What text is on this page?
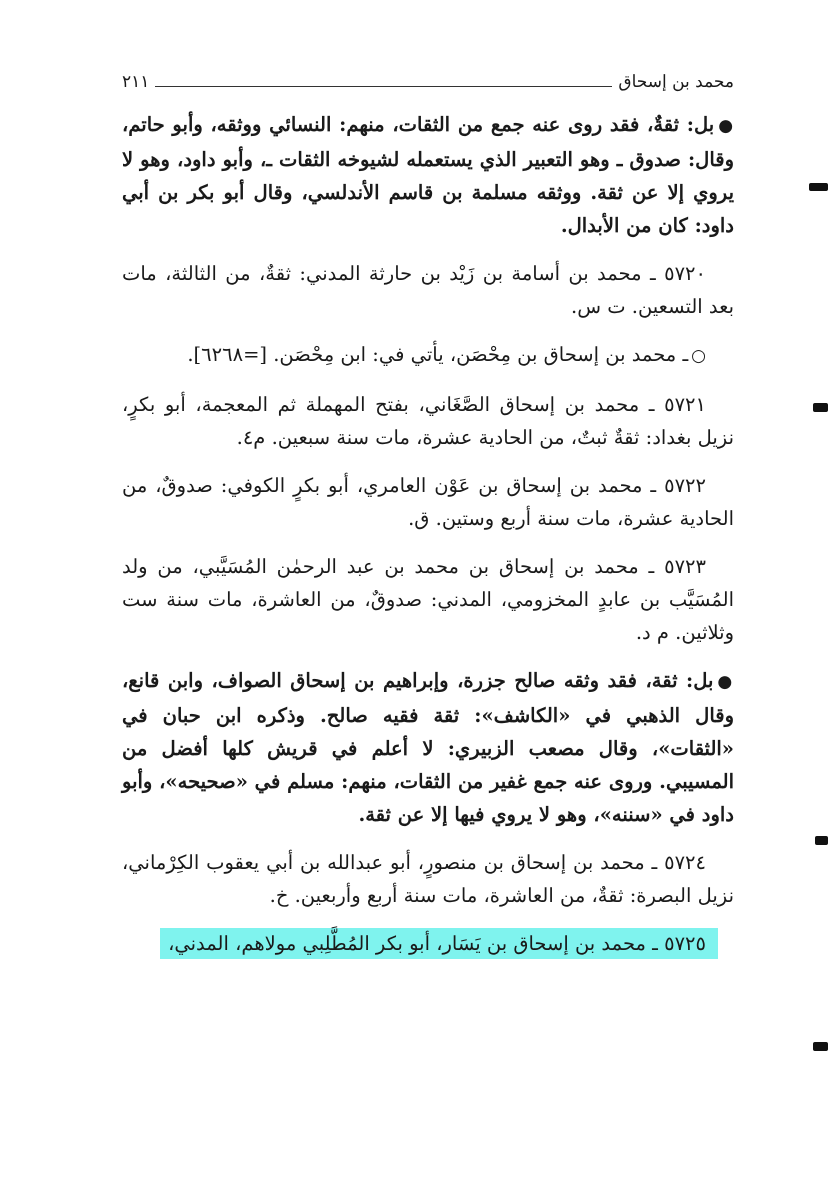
محمد بن إسحاق
٢١١

●بل: ثقةٌ، فقد روى عنه جمع من الثقات، منهم: النسائي ووثقه، وأبو حاتم، وقال: صدوق ـ وهو التعبير الذي يستعمله لشيوخه الثقات ـ، وأبو داود، وهو لا يروي إلا عن ثقة. ووثقه مسلمة بن قاسم الأندلسي، وقال أبو بكر بن أبي داود: كان من الأبدال.

٥٧٢٠ ـ محمد بن أسامة بن زَيْد بن حارثة المدني: ثقةٌ، من الثالثة، مات بعد التسعين. ت س.

○ـ محمد بن إسحاق بن مِحْصَن، يأتي في: ابن مِحْصَن. [=٦٢٦٨].

٥٧٢١ ـ محمد بن إسحاق الصَّغَاني، بفتح المهملة ثم المعجمة، أبو بكرٍ، نزيل بغداد: ثقةٌ ثبتٌ، من الحادية عشرة، مات سنة سبعين. م٤.

٥٧٢٢ ـ محمد بن إسحاق بن عَوْن العامري، أبو بكرٍ الكوفي: صدوقٌ، من الحادية عشرة، مات سنة أربع وستين. ق.

٥٧٢٣ ـ محمد بن إسحاق بن محمد بن عبد الرحمٰن المُسَيَّبي، من ولد المُسَيَّب بن عابدٍ المخزومي، المدني: صدوقٌ، من العاشرة، مات سنة ست وثلاثين. م د.

●بل: ثقة، فقد وثقه صالح جزرة، وإبراهيم بن إسحاق الصواف، وابن قانع، وقال الذهبي في «الكاشف»: ثقة فقيه صالح. وذكره ابن حبان في «الثقات»، وقال مصعب الزبيري: لا أعلم في قريش كلها أفضل من المسيبي. وروى عنه جمع غفير من الثقات، منهم: مسلم في «صحيحه»، وأبو داود في «سننه»، وهو لا يروي فيها إلا عن ثقة.

٥٧٢٤ ـ محمد بن إسحاق بن منصورٍ، أبو عبدالله بن أبي يعقوب الكِرْماني، نزيل البصرة: ثقةٌ، من العاشرة، مات سنة أربع وأربعين. خ.

٥٧٢٥ ـ محمد بن إسحاق بن يَسَار، أبو بكر المُطَّلِبي مولاهم، المدني،
